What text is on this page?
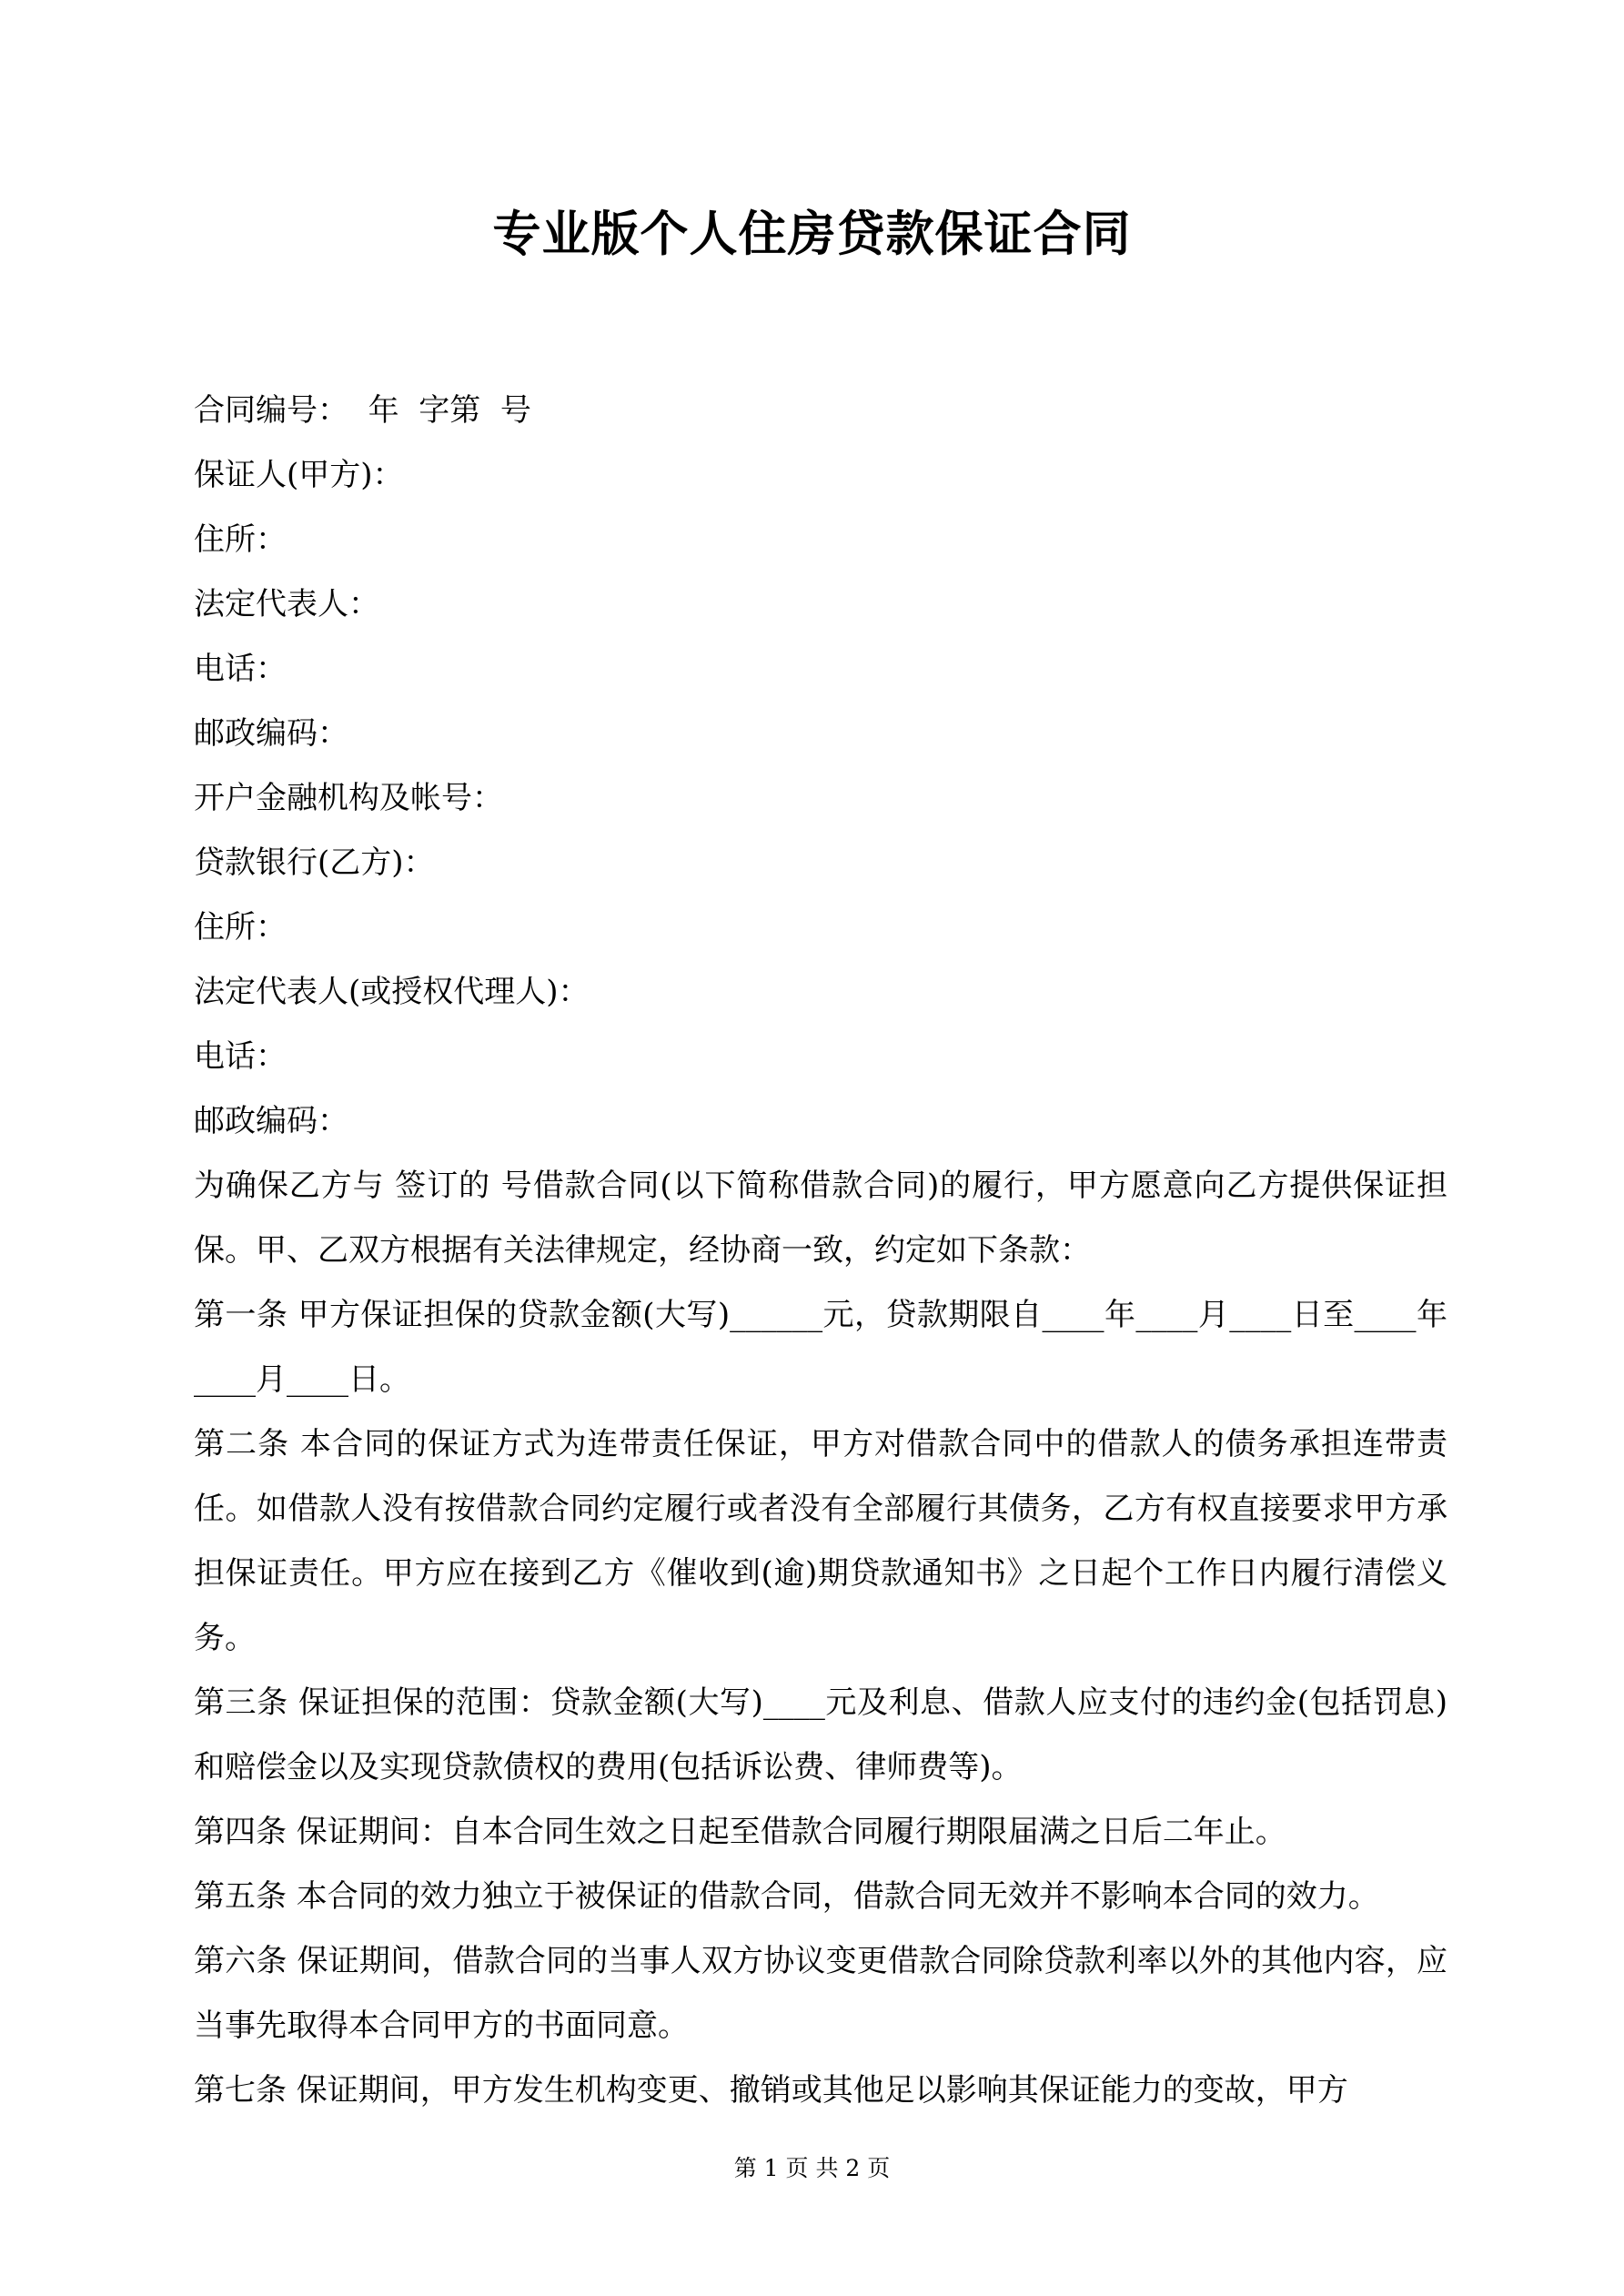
专业版个人住房贷款保证合同
合同编号：  年  字第  号
保证人(甲方)：
住所：
法定代表人：
电话：
邮政编码：
开户金融机构及帐号：
贷款银行(乙方)：
住所：
法定代表人(或授权代理人)：
电话：
邮政编码：
为确保乙方与 签订的 号借款合同(以下简称借款合同)的履行，甲方愿意向乙方提供保证担保。甲、乙双方根据有关法律规定，经协商一致，约定如下条款：
第一条 甲方保证担保的贷款金额(大写)______元，贷款期限自____年____月____日至____年____月____日。
第二条 本合同的保证方式为连带责任保证，甲方对借款合同中的借款人的债务承担连带责任。如借款人没有按借款合同约定履行或者没有全部履行其债务，乙方有权直接要求甲方承担保证责任。甲方应在接到乙方《催收到(逾)期贷款通知书》之日起个工作日内履行清偿义务。
第三条 保证担保的范围：贷款金额(大写)____元及利息、借款人应支付的违约金(包括罚息)和赔偿金以及实现贷款债权的费用(包括诉讼费、律师费等)。
第四条 保证期间：自本合同生效之日起至借款合同履行期限届满之日后二年止。
第五条 本合同的效力独立于被保证的借款合同，借款合同无效并不影响本合同的效力。
第六条 保证期间，借款合同的当事人双方协议变更借款合同除贷款利率以外的其他内容，应当事先取得本合同甲方的书面同意。
第七条 保证期间，甲方发生机构变更、撤销或其他足以影响其保证能力的变故，甲方
第 1 页 共 2 页
